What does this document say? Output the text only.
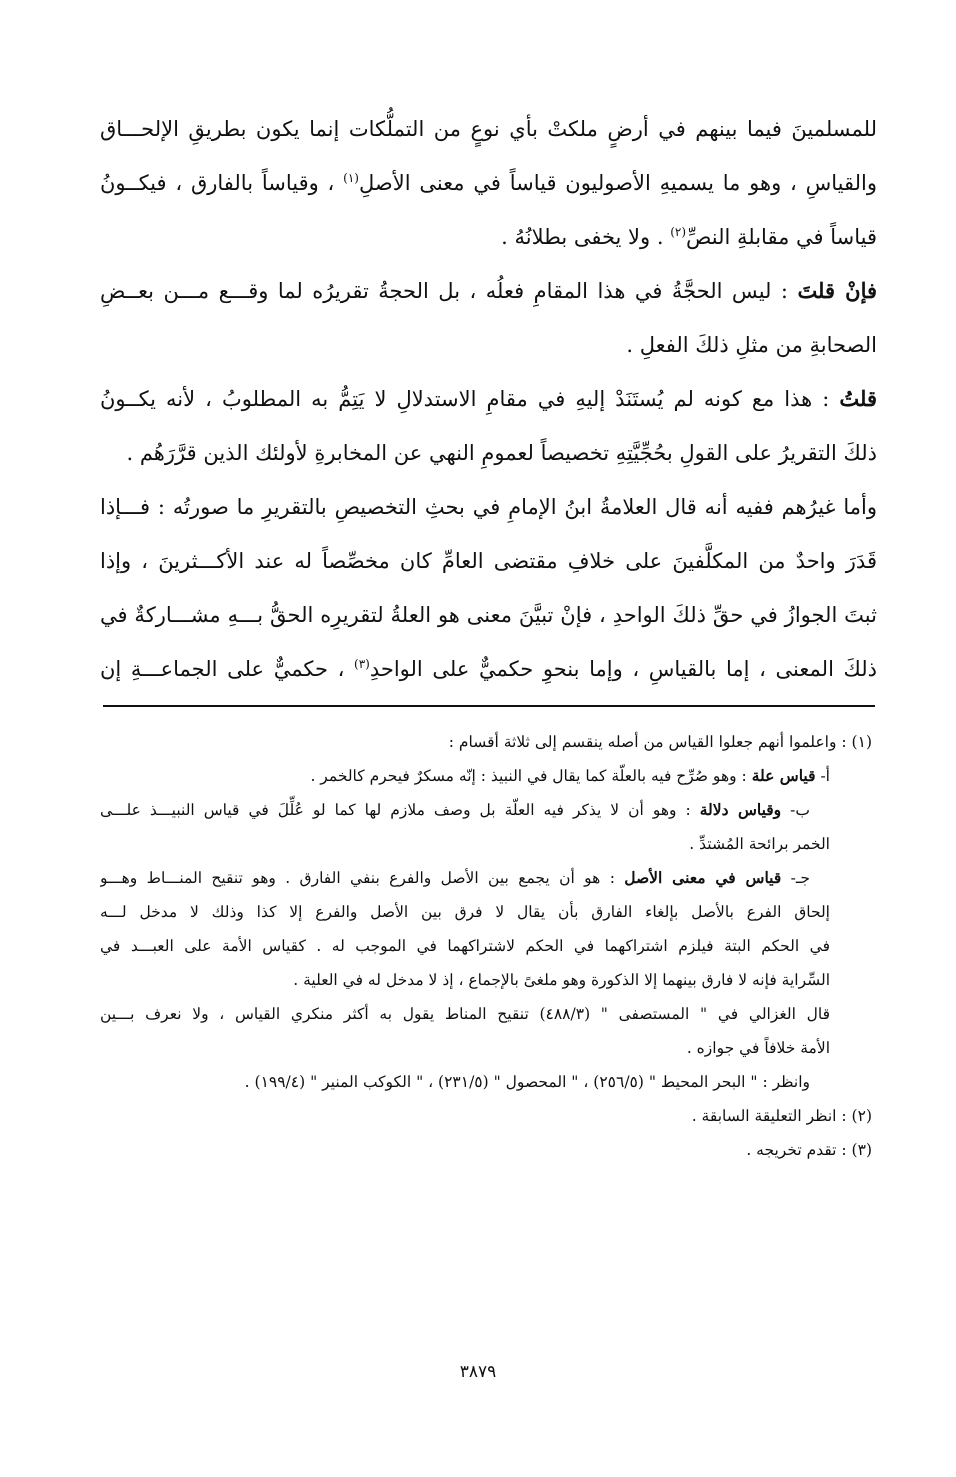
للمسلمينَ فيما بينهم في أرضٍ ملكتْ بأي نوعٍ من التملُّكات إنما يكون بطريقِ الإلحـــاق
والقياسِ ، وهو ما يسميهِ الأصوليون قياساً في معنى الأصلِ$^{(١)}$ ، وقياساً بالفارق ، فيكــونُ
قياساً في مقابلةِ النصِّ$^{(٢)}$ . ولا يخفى بطلانُهُ .
فإنْ قلتَ : ليس الحجَّةُ في هذا المقامِ فعلُه ، بل الحجةُ تقريرُه لما وقـــع مـــن بعــضِ
الصحابةِ من مثلِ ذلكَ الفعلِ .
قلتُ : هذا مع كونه لم يُستَنَدْ إليهِ في مقامِ الاستدلالِ لا يَتِمُّ به المطلوبُ ، لأنه يكــونُ
ذلكَ التقريرُ على القولِ بحُجِّيَّتِهِ تخصيصاً لعمومِ النهي عن المخابرةِ لأولئك الذين قرَّرَهُم .
وأما غيرُهم ففيه أنه قال العلامةُ ابنُ الإمامِ في بحثِ التخصيصِ بالتقريرِ ما صورتُه : فـــإذا
قَدَرَ واحدٌ من المكلَّفينَ على خلافِ مقتضى العامِّ كان مخصِّصاً له عند الأكـــثرينَ ، وإذا
ثبتَ الجوازُ في حقِّ ذلكَ الواحدِ ، فإنْ تبيَّنَ معنى هو العلةُ لتقريرِه الحقُّ بـــهِ مشـــاركةٌ في
ذلكَ المعنى ، إما بالقياسِ ، وإما بنحوِ حكميٌّ على الواحدِ$^{(٣)}$ ، حكميٌّ على الجماعـــةِ إن
(١) : واعلموا أنهم جعلوا القياس من أصله ينقسم إلى ثلاثة أقسام :
أ- قياس علة : وهو صُرِّح فيه بالعلّة كما يقال في النبيذ : إنّه مسكرٌ فيحرم كالخمر .
ب- وقياس دلالة : وهو أن لا يذكر فيه العلّة بل وصف ملازم لها كما لو عُلِّلَ في قياس النبيـــذ علـــى
الخمر برائحة المُشتدِّ .
جـ- قياس في معنى الأصل : هو أن يجمع بين الأصل والفرع بنفي الفارق . وهو تنقيح المنـــاط وهـــو
إلحاق الفرع بالأصل بإلغاء الفارق بأن يقال لا فرق بين الأصل والفرع إلا كذا وذلك لا مدخل لـــه
في الحكم البتة فيلزم اشتراكهما في الحكم لاشتراكهما في الموجب له . كقياس الأمة على العبـــد في
السِّراية فإنه لا فارق بينهما إلا الذكورة وهو ملغىً بالإجماع ، إذ لا مدخل له في العلية .
قال الغزالي في " المستصفى " (٤٨٨/٣) تنقيح المناط يقول به أكثر منكري القياس ، ولا نعرف بـــين
الأمة خلافاً في جوازه .
وانظر : " البحر المحيط " (٢٥٦/٥) ، " المحصول " (٢٣١/٥) ، " الكوكب المنير " (١٩٩/٤) .
(٢) : انظر التعليقة السابقة .
(٣) : تقدم تخريجه .
٣٨٧٩
